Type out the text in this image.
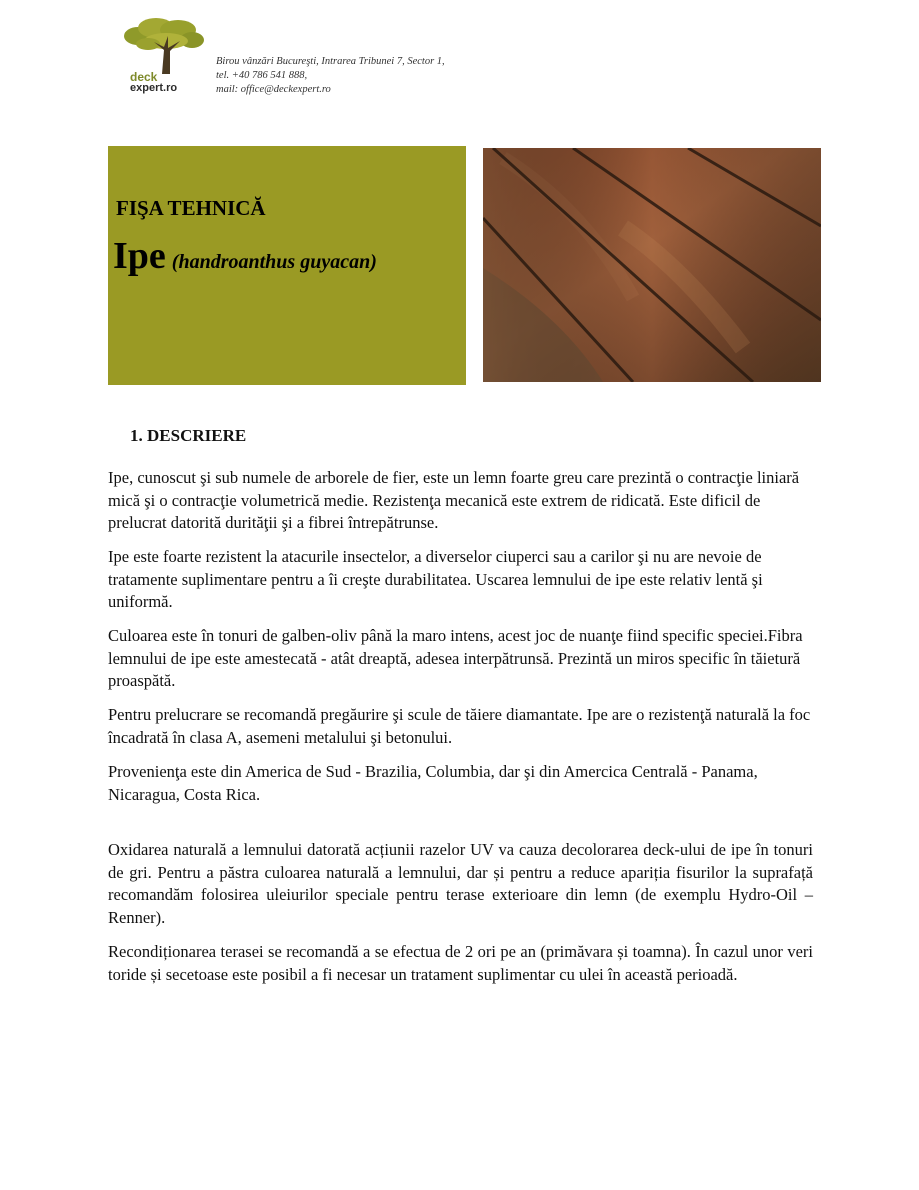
deck
expert.ro
Birou vânzări Bucureşti, Intrarea Tribunei 7, Sector 1,
tel. +40 786 541 888,
mail: office@deckexpert.ro
FIŞA TEHNICĂ
Ipe (handroanthus guyacan)
1. DESCRIERE

Ipe, cunoscut şi sub numele de arborele de fier, este un lemn foarte greu care prezintă o contracţie liniară mică şi o contracţie volumetrică medie. Rezistenţa mecanică este extrem de ridicată. Este dificil de prelucrat datorită durităţii şi a fibrei întrepătrunse.

Ipe este foarte rezistent la atacurile insectelor, a diverselor ciuperci sau a carilor şi nu are nevoie de tratamente suplimentare pentru a îi creşte durabilitatea. Uscarea lemnului de ipe este relativ lentă şi uniformă.

Culoarea este în tonuri de galben-oliv până la maro intens, acest joc de nuanţe fiind specific speciei.Fibra lemnului de ipe este amestecată - atât dreaptă, adesea interpătrunsă. Prezintă un miros specific în tăietură proaspătă.

Pentru prelucrare se recomandă pregăurire şi scule de tăiere diamantate. Ipe are o rezistenţă naturală la foc încadrată în clasa A, asemeni metalului şi betonului.

Provenienţa este din America de Sud - Brazilia, Columbia, dar şi din Amercica Centrală - Panama, Nicaragua, Costa Rica.

Oxidarea naturală a lemnului datorată acțiunii razelor UV va cauza decolorarea deck-ului de ipe în tonuri de gri. Pentru a păstra culoarea naturală a lemnului, dar și pentru a reduce apariția fisurilor la suprafață recomandăm folosirea uleiurilor speciale pentru terase exterioare din lemn (de exemplu Hydro-Oil – Renner).

Recondiționarea terasei se recomandă a se efectua de 2 ori pe an (primăvara și toamna). În cazul unor veri toride și secetoase este posibil a fi necesar un tratament suplimentar cu ulei în această perioadă.
